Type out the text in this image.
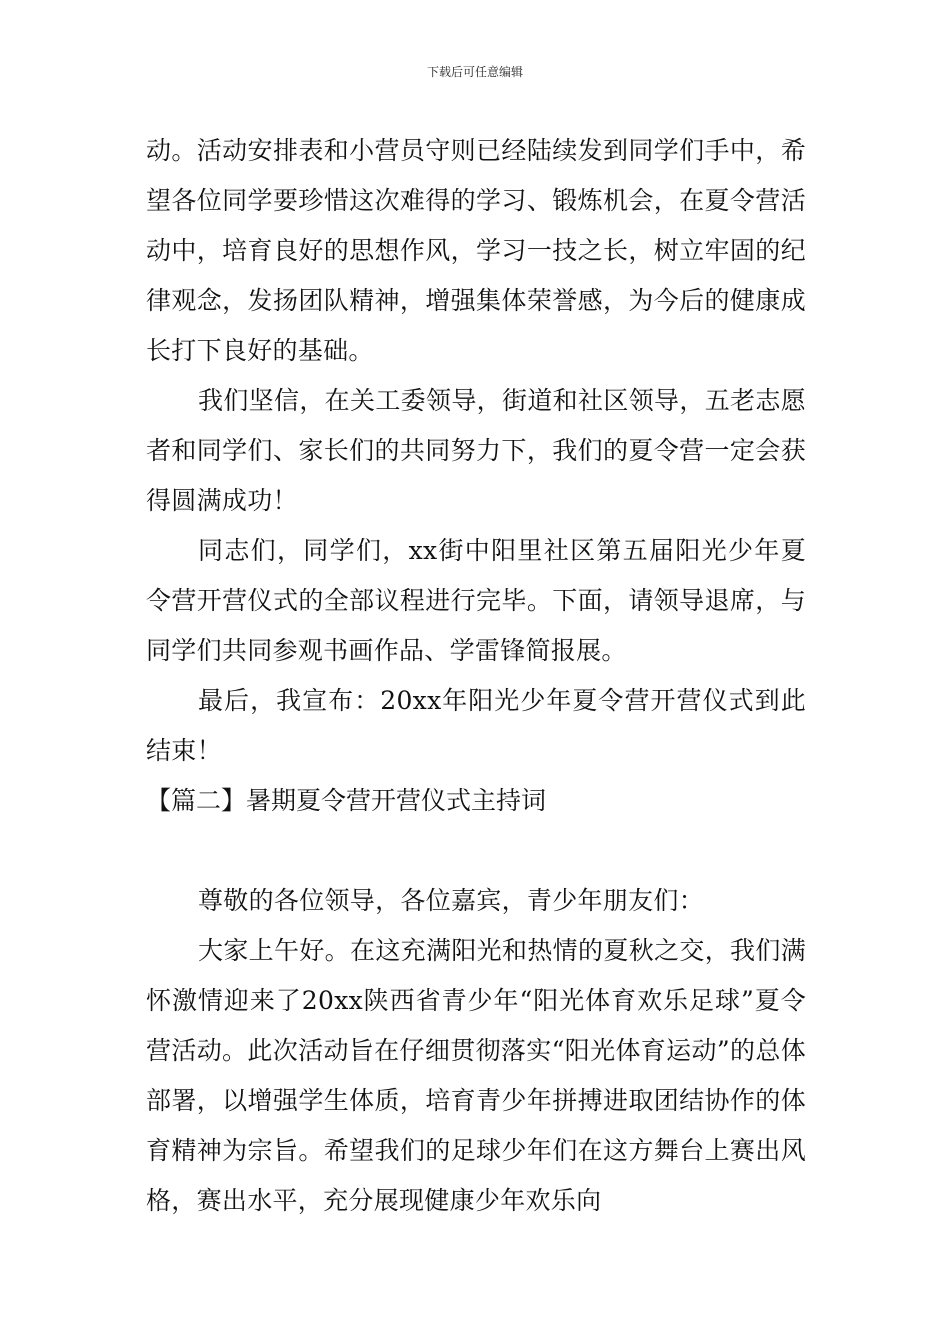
下载后可任意编辑

动。活动安排表和小营员守则已经陆续发到同学们手中，希望各位同学要珍惜这次难得的学习、锻炼机会，在夏令营活动中，培育良好的思想作风，学习一技之长，树立牢固的纪律观念，发扬团队精神，增强集体荣誉感，为今后的健康成长打下良好的基础。

我们坚信，在关工委领导，街道和社区领导，五老志愿者和同学们、家长们的共同努力下，我们的夏令营一定会获得圆满成功！

同志们，同学们，xx街中阳里社区第五届阳光少年夏令营开营仪式的全部议程进行完毕。下面，请领导退席，与同学们共同参观书画作品、学雷锋简报展。

最后，我宣布：20xx年阳光少年夏令营开营仪式到此结束！

【篇二】暑期夏令营开营仪式主持词

尊敬的各位领导，各位嘉宾，青少年朋友们：

大家上午好。在这充满阳光和热情的夏秋之交，我们满怀激情迎来了20xx陕西省青少年“阳光体育欢乐足球”夏令营活动。此次活动旨在仔细贯彻落实“阳光体育运动”的总体部署，以增强学生体质，培育青少年拼搏进取团结协作的体育精神为宗旨。希望我们的足球少年们在这方舞台上赛出风格，赛出水平，充分展现健康少年欢乐向
